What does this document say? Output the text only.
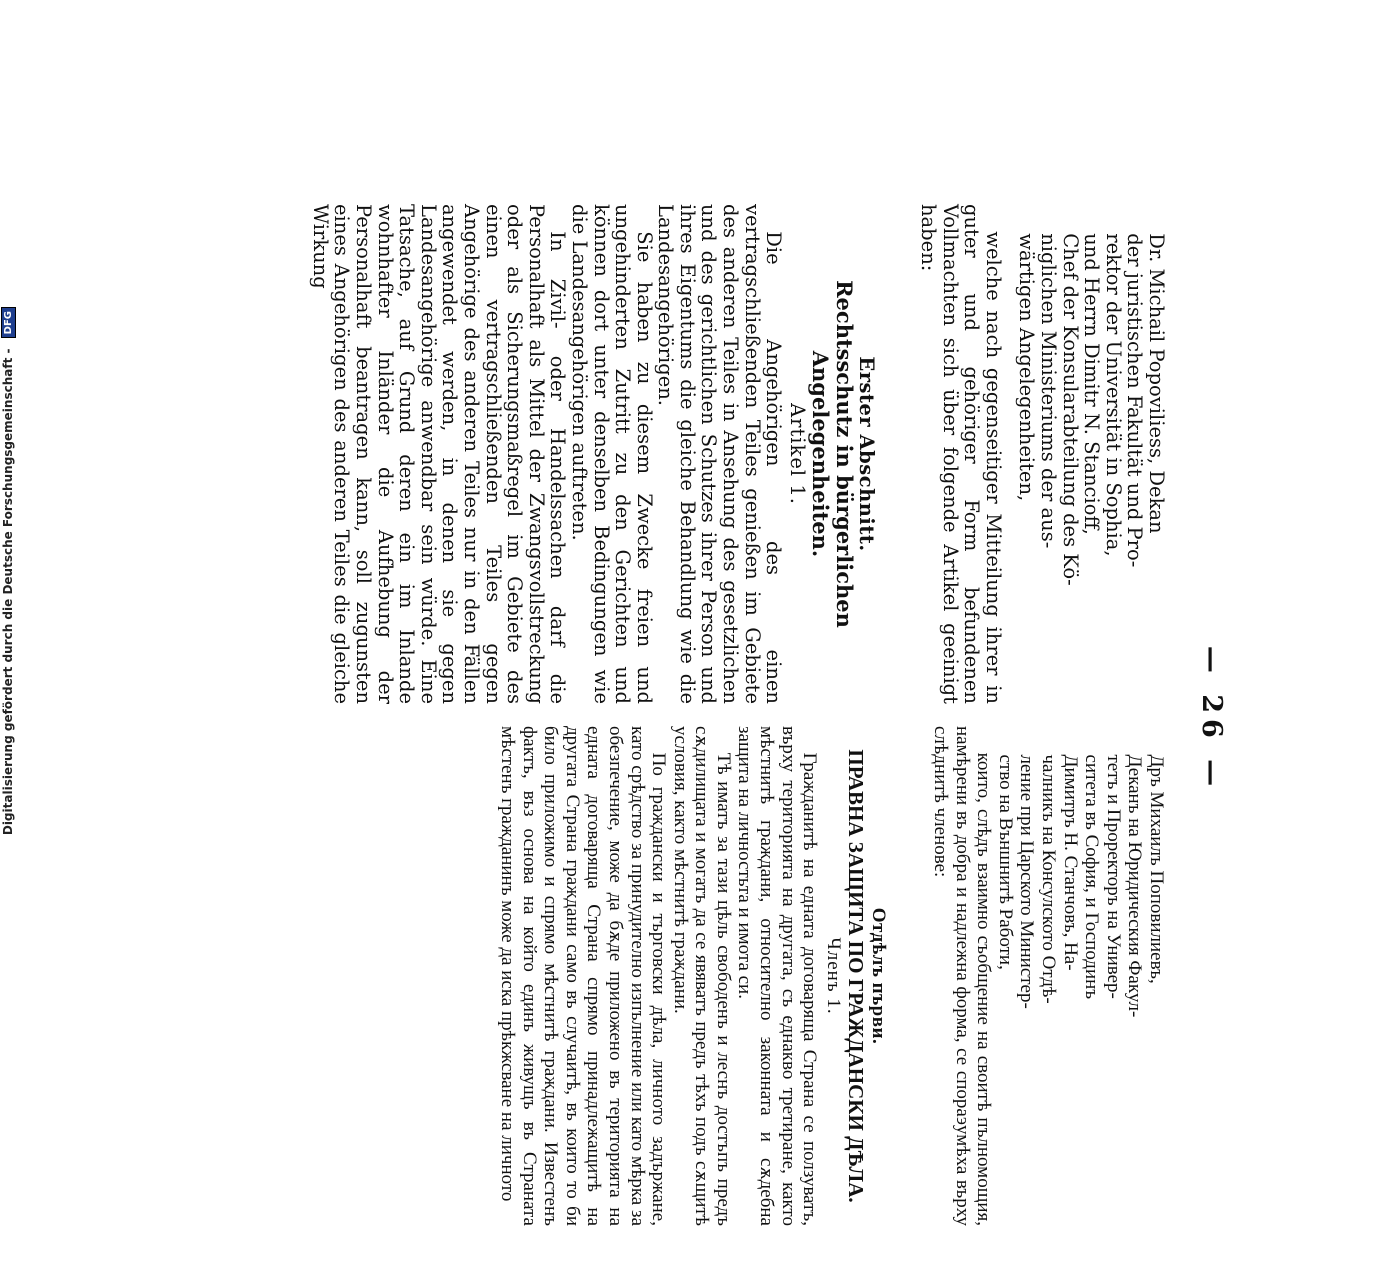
— 26 —

Dr. Michail Popoviliess, Dekan

der juristischen Fakultät und Pro-

rektor der Universität in Sophia,

und Herrn Dimitr N. Stancioff,

Chef der Konsularabteilung des Kö-

niglichen Ministeriums der aus-

wärtigen Angelegenheiten,

welche nach gegenseitiger Mitteilung ihrer in guter und gehöriger Form befundenen Vollmachten sich über folgende Artikel geeinigt haben:

Erster Abschnitt.

Rechtsschutz in bürgerlichen Angelegenheiten.

Artikel 1.

Die Angehörigen des einen vertragschließenden Teiles genießen im Gebiete des anderen Teiles in Ansehung des gesetzlichen und des gerichtlichen Schutzes ihrer Person und ihres Eigentums die gleiche Behandlung wie die Landesangehörigen.

Sie haben zu diesem Zwecke freien und ungehinderten Zutritt zu den Gerichten und können dort unter denselben Bedingungen wie die Landesangehörigen auftreten.

In Zivil- oder Handelssachen darf die Personalhaft als Mittel der Zwangsvollstreckung oder als Sicherungsmaßregel im Gebiete des einen vertragschließenden Teiles gegen Angehörige des anderen Teiles nur in den Fällen angewendet werden, in denen sie gegen Landesangehörige anwendbar sein würde. Eine Tatsache, auf Grund deren ein im Inlande wohnhafter Inländer die Aufhebung der Personalhaft beantragen kann, soll zugunsten eines Angehörigen des anderen Teiles die gleiche Wirkung

Дръ Михаилъ Поповилиевъ,

Деканъ на Юридическия Факул-

тетъ и Проректоръ на Универ-

ситета въ София, и Господинъ

Димитръ Н. Станчовъ, На-

чалникъ на Консулското Отдѣ-

ление при Царското Министер-

ство на Външнитѣ Работи,

които, слѣдъ взаимно съобщение на своитѣ пълномощия, намѣрени въ добра и надлежна форма, се спораэумѣха върху слѣднитѣ членове:

Отдѣлъ първи.

ПРАВНА ЗАЩИТА ПО ГРАЖДАНСКИ ДѢЛА.

Членъ 1.

Гражданитѣ на едната договаряща Страна се ползуватъ, върху територията на другата, съ еднакво третиране, както мѣстнитѣ граждани, относително законната и сѫдебна защита на личностьта и имота си.

Тѣ иматъ за тази цѣль свободенъ и леснъ достъпъ предъ сѫдилищата и могатъ да се явяватъ предъ тѣхъ подъ сѫщитѣ условия, както мѣстнитѣ граждани.

По граждански и търговски дѣла, личното задържане, като срѣдство за принудително изпълнение или като мѣрка за обезпечение, може да бѫде приложено въ територията на едната договаряща Страна спрямо принадлежащитѣ на другата Страна граждани само въ случаитѣ, въ които то би било приложимо и спрямо мѣстнитѣ граждани. Известенъ фактъ, въз основа на който единъ живущъ въ Страната мѣстенъ гражданинъ може да иска прѣкжсване на личното

Digitalisierung gefördert durch die Deutsche Forschungsgemeinschaft - DFG
